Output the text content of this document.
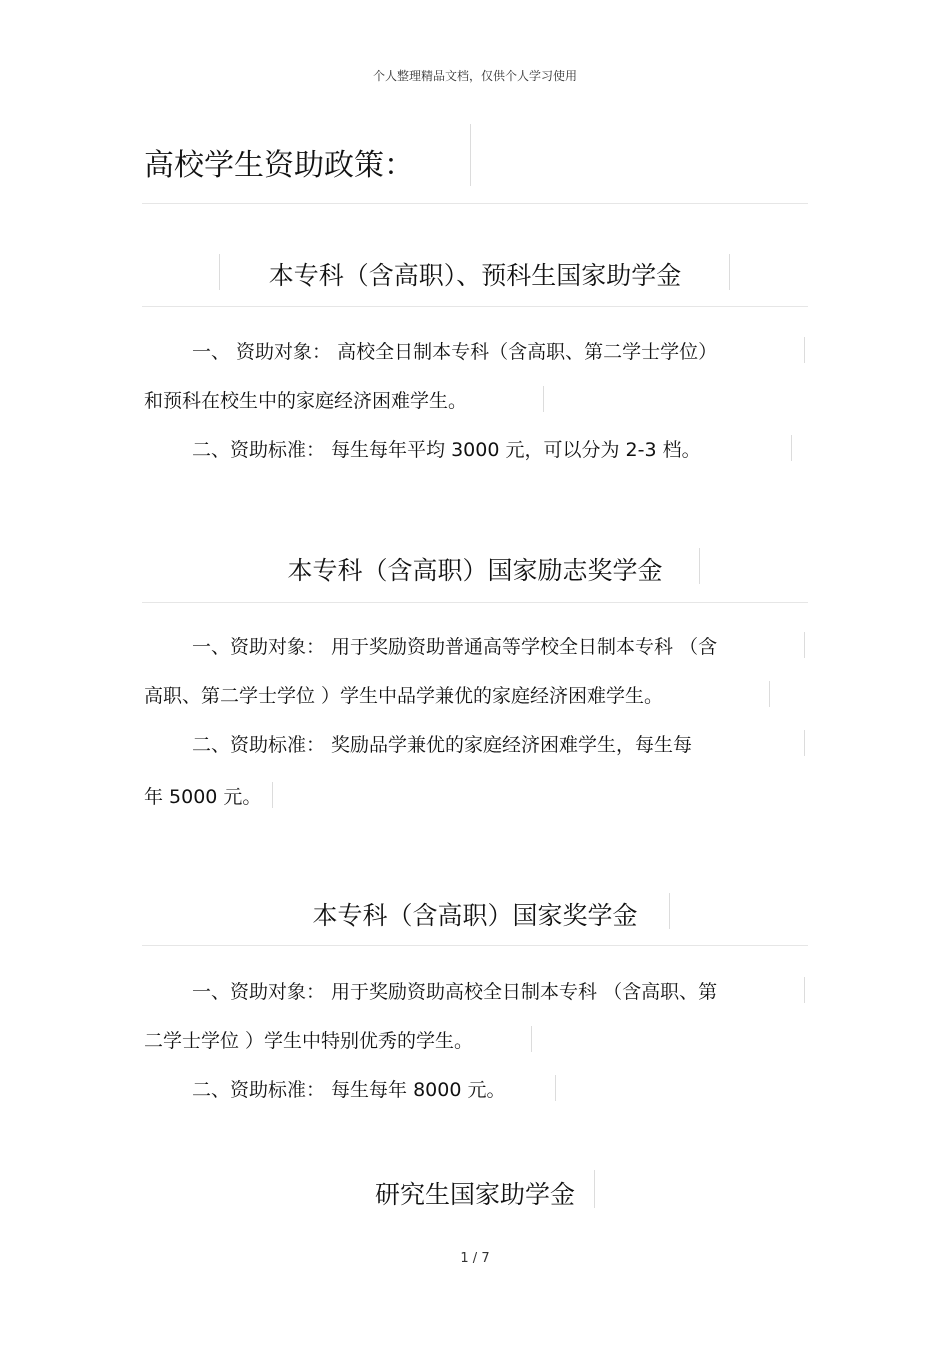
个人整理精品文档，仅供个人学习使用
高校学生资助政策：
本专科（含高职）、预科生国家助学金
一、 资助对象： 高校全日制本专科（含高职、第二学士学位）
和预科在校生中的家庭经济困难学生。
二、资助标准： 每生每年平均 3000 元，可以分为 2-3 档。
本专科（含高职）国家励志奖学金
一、资助对象： 用于奖励资助普通高等学校全日制本专科 （含
高职、第二学士学位 ）学生中品学兼优的家庭经济困难学生。
二、资助标准： 奖励品学兼优的家庭经济困难学生，每生每
年 5000 元。
本专科（含高职）国家奖学金
一、资助对象： 用于奖励资助高校全日制本专科 （含高职、第
二学士学位 ）学生中特别优秀的学生。
二、资助标准： 每生每年 8000 元。
研究生国家助学金
1 / 7
